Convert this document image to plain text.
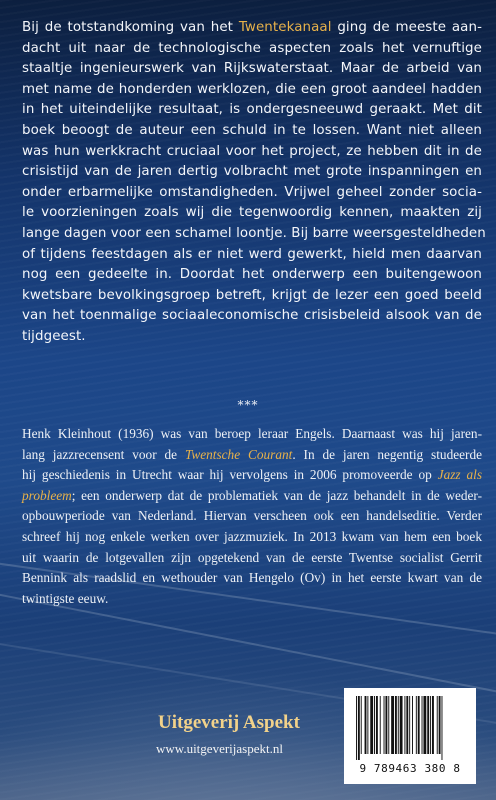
Bij de totstandkoming van het Twentekanaal ging de meeste aan-
dacht uit naar de technologische aspecten zoals het vernuftige
staaltje ingenieurswerk van Rijkswaterstaat. Maar de arbeid van
met name de honderden werklozen, die een groot aandeel hadden
in het uiteindelijke resultaat, is ondergesneeuwd geraakt. Met dit
boek beoogt de auteur een schuld in te lossen. Want niet alleen
was hun werkkracht cruciaal voor het project, ze hebben dit in de
crisistijd van de jaren dertig volbracht met grote inspanningen en
onder erbarmelijke omstandigheden. Vrijwel geheel zonder socia-
le voorzieningen zoals wij die tegenwoordig kennen, maakten zij
lange dagen voor een schamel loontje. Bij barre weersgesteldheden
of tijdens feestdagen als er niet werd gewerkt, hield men daarvan
nog een gedeelte in. Doordat het onderwerp een buitengewoon
kwetsbare bevolkingsgroep betreft, krijgt de lezer een goed beeld
van het toenmalige sociaaleconomische crisisbeleid alsook van de
tijdgeest.
***
Henk Kleinhout (1936) was van beroep leraar Engels. Daarnaast was hij jaren-
lang jazzrecensent voor de Twentsche Courant. In de jaren negentig studeerde
hij geschiedenis in Utrecht waar hij vervolgens in 2006 promoveerde op Jazz als
probleem; een onderwerp dat de problematiek van de jazz behandelt in de weder-
opbouwperiode van Nederland. Hiervan verscheen ook een handelseditie. Verder
schreef hij nog enkele werken over jazzmuziek. In 2013 kwam van hem een boek
uit waarin de lotgevallen zijn opgetekend van de eerste Twentse socialist Gerrit
Bennink als raadslid en wethouder van Hengelo (Ov) in het eerste kwart van de
twintigste eeuw.
Uitgeverij Aspekt
www.uitgeverijaspekt.nl
9 789463 380 8
